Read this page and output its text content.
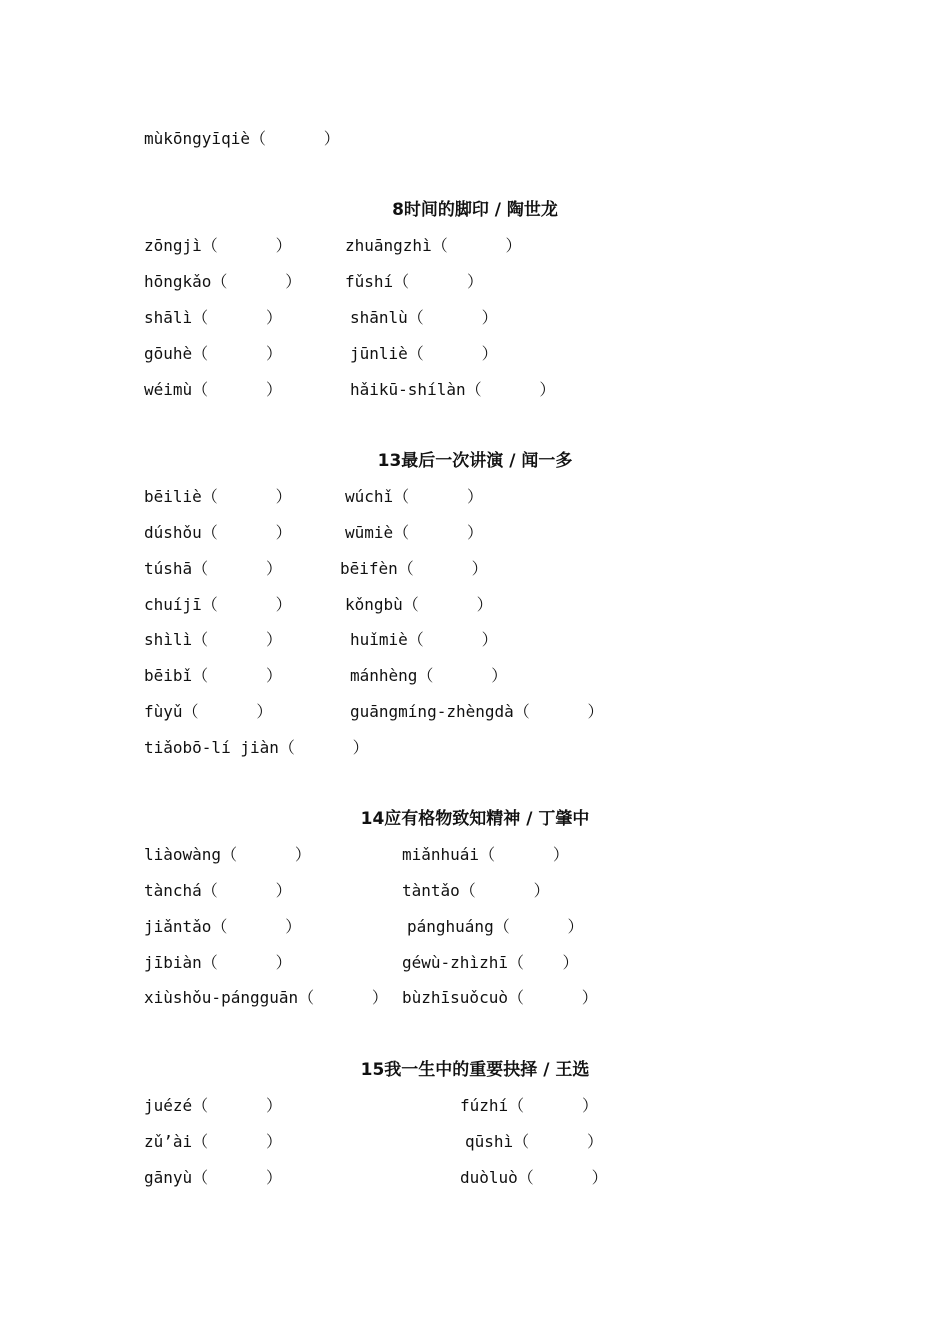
mùkōngyīqiè（      ）
8时间的脚印 / 陶世龙
zōngjì（      ）	zhuāngzhì（      ）
hōngkǎo（      ）	fǔshí（      ）
shālì（      ）	shānlù（      ）
gōuhè（      ）	jūnliè（      ）
wéimù（      ）	hǎikū-shílàn（      ）
13最后一次讲演 / 闻一多
bēiliè（      ）	wúchǐ（      ）
dúshǒu（      ）	wūmiè（      ）
túshā（      ）	bēifèn（      ）
chuíjī（      ）	kǒngbù（      ）
shìlì（      ）	huǐmiè（      ）
bēibǐ（      ）	mánhèng（      ）
fùyǔ（      ）	guāngmíng-zhèngdà（      ）
tiǎobō-lí jiàn（      ）
14应有格物致知精神 / 丁肇中
liàowàng（      ）	miǎnhuái（      ）
tànchá（      ）	tàntǎo（      ）
jiǎntǎo（      ）	pánghuáng（      ）
jībiàn（      ）	géwù-zhìzhī（    ）
xiùshǒu-pángguān（      ） bùzhīsuǒcuò（      ）
15我一生中的重要抉择 / 王选
juézé（      ）	fúzhí（      ）
zǔ’ài（      ）	qūshì（      ）
gānyù（      ）	duòluò（      ）
